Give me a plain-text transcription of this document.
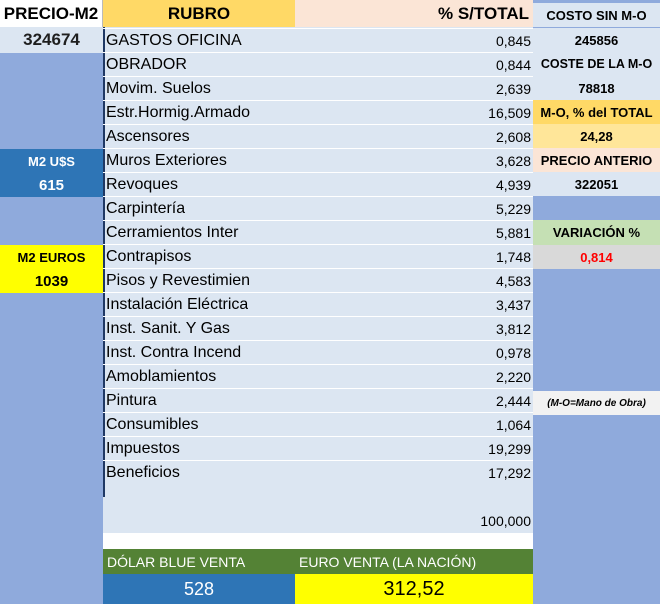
PRECIO-M2
324674
RUBRO	% S/TOTAL
GASTOS OFICINA	0,845
OBRADOR	0,844
Movim. Suelos	2,639
Estr.Hormig.Armado	16,509
Ascensores	2,608
Muros Exteriores	3,628
Revoques	4,939
Carpintería	5,229
Cerramientos Inter	5,881
Contrapisos	1,748
Pisos y Revestimien	4,583
Instalación Eléctrica	3,437
Inst. Sanit. Y Gas	3,812
Inst. Contra Incend	0,978
Amoblamientos	2,220
Pintura	2,444
Consumibles	1,064
Impuestos	19,299
Beneficios	17,292
100,000
M2 U$S
615
M2 EUROS
1039
COSTO SIN M-O
245856
COSTE DE LA M-O
78818
M-O, % del TOTAL
24,28
PRECIO ANTERIO
322051
VARIACIÓN %
0,814
(M-O=Mano de Obra)
DÓLAR BLUE VENTA
528
EURO VENTA (LA NACIÓN)
312,52
